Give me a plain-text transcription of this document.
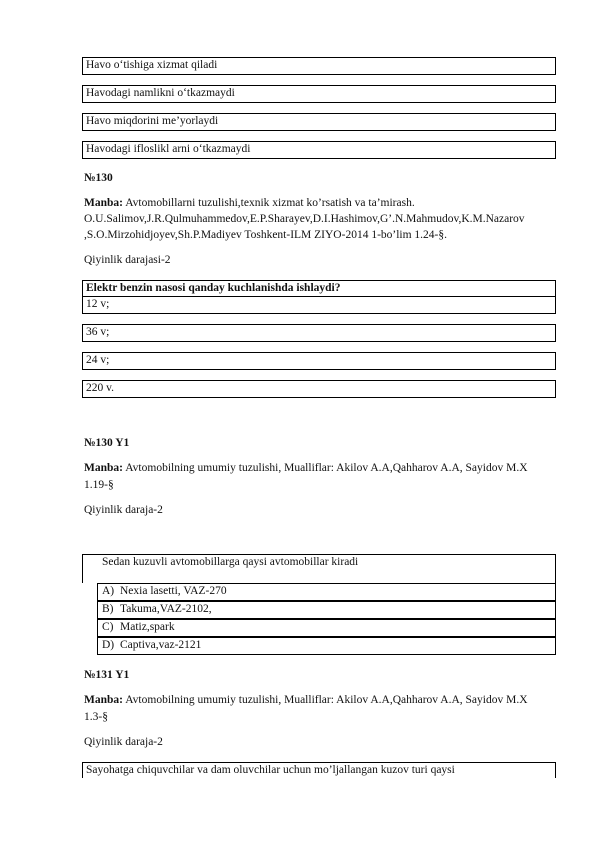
Havo o‘tishiga xizmat qiladi
Havodagi namlikni o‘tkazmaydi
Havo miqdorini me’yorlaydi
Havodagi ifloslikl arni o‘tkazmaydi
№130
Manba: Avtomobillarni tuzulishi,texnik xizmat ko’rsatish va ta’mirash.
O.U.Salimov,J.R.Qulmuhammedov,E.P.Sharayev,D.I.Hashimov,G’.N.Mahmudov,K.M.Nazarov
,S.O.Mirzohidjoyev,Sh.P.Madiyev Toshkent-ILM ZIYO-2014 1-bo’lim 1.24-§.
Qiyinlik darajasi-2
Elektr benzin nasosi qanday kuchlanishda ishlaydi?
12 v;
36 v;
24 v;
220 v.
№130 Y1
Manba: Avtomobilning umumiy tuzulishi, Mualliflar: Akilov A.A,Qahharov A.A, Sayidov M.X
1.19-§
Qiyinlik daraja-2
Sedan kuzuvli avtomobillarga qaysi avtomobillar kiradi
A) Nexia lasetti, VAZ-270
B) Takuma,VAZ-2102,
C) Matiz,spark
D) Captiva,vaz-2121
№131 Y1
Manba: Avtomobilning umumiy tuzulishi, Mualliflar: Akilov A.A,Qahharov A.A, Sayidov M.X
1.3-§
Qiyinlik daraja-2
Sayohatga chiquvchilar va dam oluvchilar uchun mo’ljallangan kuzov turi qaysi
